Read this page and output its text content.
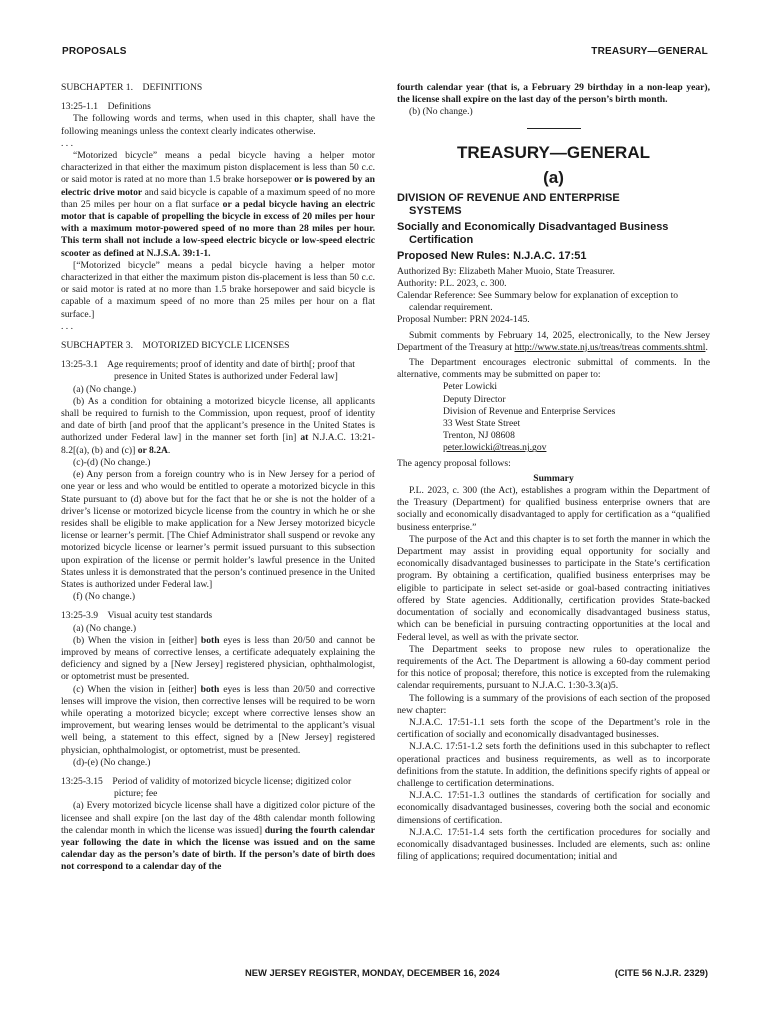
PROPOSALS	TREASURY—GENERAL

SUBCHAPTER 1.    DEFINITIONS

13:25-1.1    Definitions

The following words and terms, when used in this chapter, shall have the following meanings unless the context clearly indicates otherwise.

. . .

“Motorized bicycle” means a pedal bicycle having a helper motor characterized in that either the maximum piston displacement is less than 50 c.c. or said motor is rated at no more than 1.5 brake horsepower or is powered by an electric drive motor and said bicycle is capable of a maximum speed of no more than 25 miles per hour on a flat surface or a pedal bicycle having an electric motor that is capable of propelling the bicycle in excess of 20 miles per hour with a maximum motor-powered speed of no more than 28 miles per hour. This term shall not include a low-speed electric bicycle or low-speed electric scooter as defined at N.J.S.A. 39:1-1.

[“Motorized bicycle” means a pedal bicycle having a helper motor characterized in that either the maximum piston dis-placement is less than 50 c.c. or said motor is rated at no more than 1.5 brake horsepower and said bicycle is capable of a maximum speed of no more than 25 miles per hour on a flat surface.]

. . .

SUBCHAPTER 3.    MOTORIZED BICYCLE LICENSES

13:25-3.1    Age requirements; proof of identity and date of birth[; proof that presence in United States is authorized under Federal law]

(a) (No change.)

(b) As a condition for obtaining a motorized bicycle license, all applicants shall be required to furnish to the Commission, upon request, proof of identity and date of birth [and proof that the applicant’s presence in the United States is authorized under Federal law] in the manner set forth [in] at N.J.A.C. 13:21-8.2[(a), (b) and (c)] or 8.2A.

(c)-(d) (No change.)

(e) Any person from a foreign country who is in New Jersey for a period of one year or less and who would be entitled to operate a motorized bicycle in this State pursuant to (d) above but for the fact that he or she is not the holder of a driver’s license or motorized bicycle license from the country in which he or she resides shall be eligible to make application for a New Jersey motorized bicycle license or learner’s permit. [The Chief Administrator shall suspend or revoke any motorized bicycle license or learner’s permit issued pursuant to this subsection upon expiration of the license or permit holder’s lawful presence in the United States unless it is demonstrated that the person’s continued presence in the United States is authorized under Federal law.]

(f) (No change.)

13:25-3.9    Visual acuity test standards

(a) (No change.)

(b) When the vision in [either] both eyes is less than 20/50 and cannot be improved by means of corrective lenses, a certificate adequately explaining the deficiency and signed by a [New Jersey] registered physician, ophthalmologist, or optometrist must be presented.

(c) When the vision in [either] both eyes is less than 20/50 and corrective lenses will improve the vision, then corrective lenses will be required to be worn while operating a motorized bicycle; except where corrective lenses show an improvement, but wearing lenses would be detrimental to the applicant’s visual well being, a statement to this effect, signed by a [New Jersey] registered physician, ophthalmologist, or optometrist, must be presented.

(d)-(e) (No change.)

13:25-3.15    Period of validity of motorized bicycle license; digitized color picture; fee

(a) Every motorized bicycle license shall have a digitized color picture of the licensee and shall expire [on the last day of the 48th calendar month following the calendar month in which the license was issued] during the fourth calendar year following the date in which the license was issued and on the same calendar day as the person’s date of birth. If the person’s date of birth does not correspond to a calendar day of the

fourth calendar year (that is, a February 29 birthday in a non-leap year), the license shall expire on the last day of the person’s birth month.

(b) (No change.)

TREASURY—GENERAL
(a)
DIVISION OF REVENUE AND ENTERPRISE
SYSTEMS
Socially and Economically Disadvantaged Business
Certification
Proposed New Rules: N.J.A.C. 17:51

Authorized By: Elizabeth Maher Muoio, State Treasurer.

Authority: P.L. 2023, c. 300.

Calendar Reference: See Summary below for explanation of exception to calendar requirement.

Proposal Number: PRN 2024-145.

Submit comments by February 14, 2025, electronically, to the New Jersey Department of the Treasury at http://www.state.nj.us/treas/treas comments.shtml.

The Department encourages electronic submittal of comments. In the alternative, comments may be submitted on paper to:

Peter Lowicki
Deputy Director
Division of Revenue and Enterprise Services
33 West State Street
Trenton, NJ 08608
peter.lowicki@treas.nj.gov

The agency proposal follows:

Summary

P.L. 2023, c. 300 (the Act), establishes a program within the Department of the Treasury (Department) for qualified business enterprise owners that are socially and economically disadvantaged to apply for certification as a “qualified business enterprise.”

The purpose of the Act and this chapter is to set forth the manner in which the Department may assist in providing equal opportunity for socially and economically disadvantaged businesses to participate in the State’s certification program. By obtaining a certification, qualified business enterprises may be eligible to participate in select set-aside or goal-based contracting initiatives offered by State agencies. Additionally, certification provides State-backed documentation of socially and economically disadvantaged business status, which can be beneficial in pursuing contracting opportunities at the local and Federal level, as well as with the private sector.

The Department seeks to propose new rules to operationalize the requirements of the Act. The Department is allowing a 60-day comment period for this notice of proposal; therefore, this notice is excepted from the rulemaking calendar requirements, pursuant to N.J.A.C. 1:30-3.3(a)5.

The following is a summary of the provisions of each section of the proposed new chapter:

N.J.A.C. 17:51-1.1 sets forth the scope of the Department’s role in the certification of socially and economically disadvantaged businesses.

N.J.A.C. 17:51-1.2 sets forth the definitions used in this subchapter to reflect operational practices and business requirements, as well as to incorporate definitions from the statute. In addition, the definitions specify rights of appeal or challenge to certification determinations.

N.J.A.C. 17:51-1.3 outlines the standards of certification for socially and economically disadvantaged businesses, covering both the social and economic dimensions of certification.

N.J.A.C. 17:51-1.4 sets forth the certification procedures for socially and economically disadvantaged businesses. Included are elements, such as: online filing of applications; required documentation; initial and

NEW JERSEY REGISTER, MONDAY, DECEMBER 16, 2024	(CITE 56 N.J.R. 2329)
